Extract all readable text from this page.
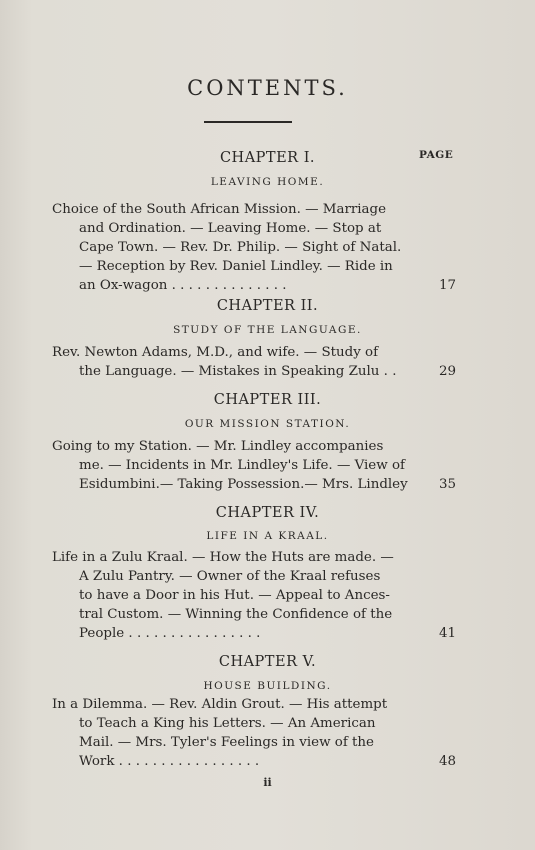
CONTENTS.
PAGE
CHAPTER I.
LEAVING HOME.
Choice of the South African Mission. — Marriage
and Ordination. — Leaving Home. — Stop at
Cape Town. — Rev. Dr. Philip. — Sight of Natal.
— Reception by Rev. Daniel Lindley. — Ride in
an Ox-wagon . . . . . . . . . . . . . .	17
CHAPTER II.
STUDY OF THE LANGUAGE.
Rev. Newton Adams, M.D., and wife. — Study of
the Language. — Mistakes in Speaking Zulu . .	29
CHAPTER III.
OUR MISSION STATION.
Going to my Station. — Mr. Lindley accompanies
me. — Incidents in Mr. Lindley's Life. — View of
Esidumbini.— Taking Possession.— Mrs. Lindley 35
CHAPTER IV.
LIFE IN A KRAAL.
Life in a Zulu Kraal. — How the Huts are made. —
A Zulu Pantry. — Owner of the Kraal refuses
to have a Door in his Hut. — Appeal to Ances-
tral Custom. — Winning the Confidence of the
People . . . . . . . . . . . . . . . .	41
CHAPTER V.
HOUSE BUILDING.
In a Dilemma. — Rev. Aldin Grout. — His attempt
to Teach a King his Letters. — An American
Mail. — Mrs. Tyler's Feelings in view of the
Work . . . . . . . . . . . . . . . . .	48
ii
